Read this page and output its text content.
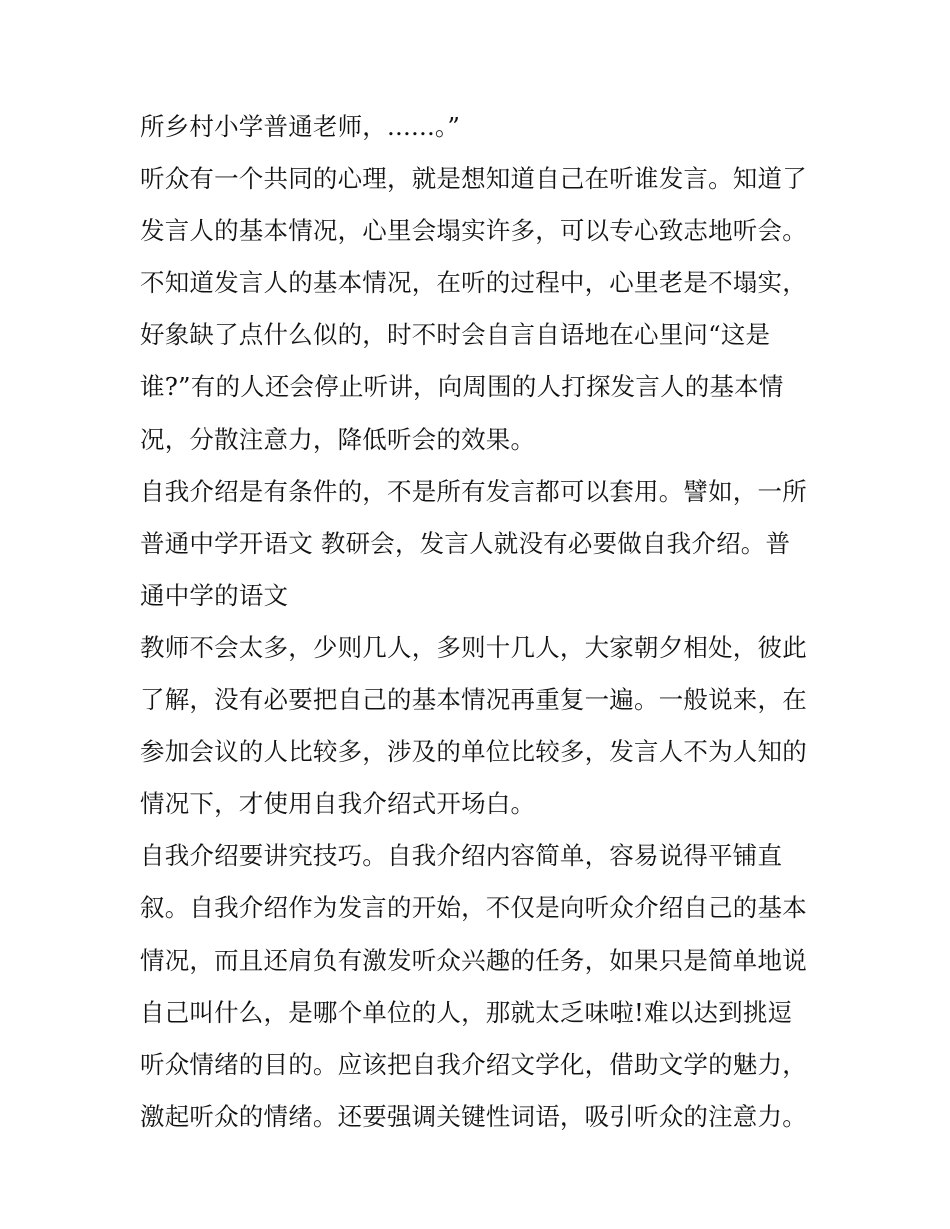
所乡村小学普通老师，......。”
听众有一个共同的心理，就是想知道自己在听谁发言。知道了
发言人的基本情况，心里会塌实许多，可以专心致志地听会。
不知道发言人的基本情况，在听的过程中，心里老是不塌实，
好象缺了点什么似的，时不时会自言自语地在心里问“这是
谁?”有的人还会停止听讲，向周围的人打探发言人的基本情
况，分散注意力，降低听会的效果。
自我介绍是有条件的，不是所有发言都可以套用。譬如，一所
普通中学开语文 教研会，发言人就没有必要做自我介绍。普
通中学的语文
教师不会太多，少则几人，多则十几人，大家朝夕相处，彼此
了解，没有必要把自己的基本情况再重复一遍。一般说来，在
参加会议的人比较多，涉及的单位比较多，发言人不为人知的
情况下，才使用自我介绍式开场白。
自我介绍要讲究技巧。自我介绍内容简单，容易说得平铺直
叙。自我介绍作为发言的开始，不仅是向听众介绍自己的基本
情况，而且还肩负有激发听众兴趣的任务，如果只是简单地说
自己叫什么，是哪个单位的人，那就太乏味啦!难以达到挑逗
听众情绪的目的。应该把自我介绍文学化，借助文学的魅力，
激起听众的情绪。还要强调关键性词语，吸引听众的注意力。
